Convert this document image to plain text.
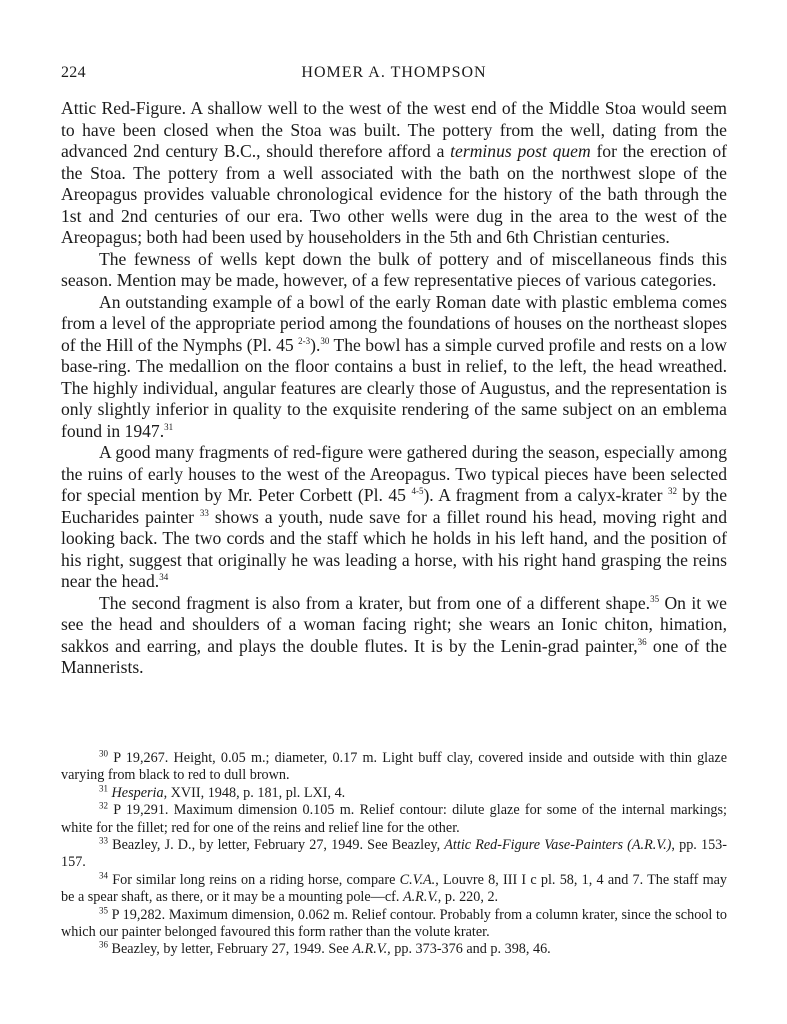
224	HOMER A. THOMPSON

Attic Red-Figure. A shallow well to the west of the west end of the Middle Stoa would seem to have been closed when the Stoa was built. The pottery from the well, dating from the advanced 2nd century B.C., should therefore afford a terminus post quem for the erection of the Stoa. The pottery from a well associated with the bath on the northwest slope of the Areopagus provides valuable chronological evidence for the history of the bath through the 1st and 2nd centuries of our era. Two other wells were dug in the area to the west of the Areopagus; both had been used by householders in the 5th and 6th Christian centuries.

The fewness of wells kept down the bulk of pottery and of miscellaneous finds this season. Mention may be made, however, of a few representative pieces of various categories.

An outstanding example of a bowl of the early Roman date with plastic emblema comes from a level of the appropriate period among the foundations of houses on the northeast slopes of the Hill of the Nymphs (Pl. 45 $^{2-3}$).$^{30}$ The bowl has a simple curved profile and rests on a low base-ring. The medallion on the floor contains a bust in relief, to the left, the head wreathed. The highly individual, angular features are clearly those of Augustus, and the representation is only slightly inferior in quality to the exquisite rendering of the same subject on an emblema found in 1947.31

A good many fragments of red-figure were gathered during the season, especially among the ruins of early houses to the west of the Areopagus. Two typical pieces have been selected for special mention by Mr. Peter Corbett (Pl. 45 $^{4-5}$). A fragment from a calyx-krater $^{32}$ by the Eucharides painter $^{33}$ shows a youth, nude save for a fillet round his head, moving right and looking back. The two cords and the staff which he holds in his left hand, and the position of his right, suggest that originally he was leading a horse, with his right hand grasping the reins near the head.$^{34}$

The second fragment is also from a krater, but from one of a different shape.$^{35}$ On it we see the head and shoulders of a woman facing right; she wears an Ionic chiton, himation, sakkos and earring, and plays the double flutes. It is by the Lenin-grad painter,$^{36}$ one of the Mannerists.

$^{30}$ P 19,267. Height, 0.05 m.; diameter, 0.17 m. Light buff clay, covered inside and outside with thin glaze varying from black to red to dull brown.

$^{31}$ Hesperia, XVII, 1948, p. 181, pl. LXI, 4.

$^{32}$ P 19,291. Maximum dimension 0.105 m. Relief contour: dilute glaze for some of the internal markings; white for the fillet; red for one of the reins and relief line for the other.

$^{33}$ Beazley, J. D., by letter, February 27, 1949. See Beazley, Attic Red-Figure Vase-Painters (A.R.V.), pp. 153-157.

$^{34}$ For similar long reins on a riding horse, compare C.V.A., Louvre 8, III I c pl. 58, 1, 4 and 7. The staff may be a spear shaft, as there, or it may be a mounting pole—cf. A.R.V., p. 220, 2.

$^{35}$ P 19,282. Maximum dimension, 0.062 m. Relief contour. Probably from a column krater, since the school to which our painter belonged favoured this form rather than the volute krater.

$^{36}$ Beazley, by letter, February 27, 1949. See A.R.V., pp. 373-376 and p. 398, 46.
